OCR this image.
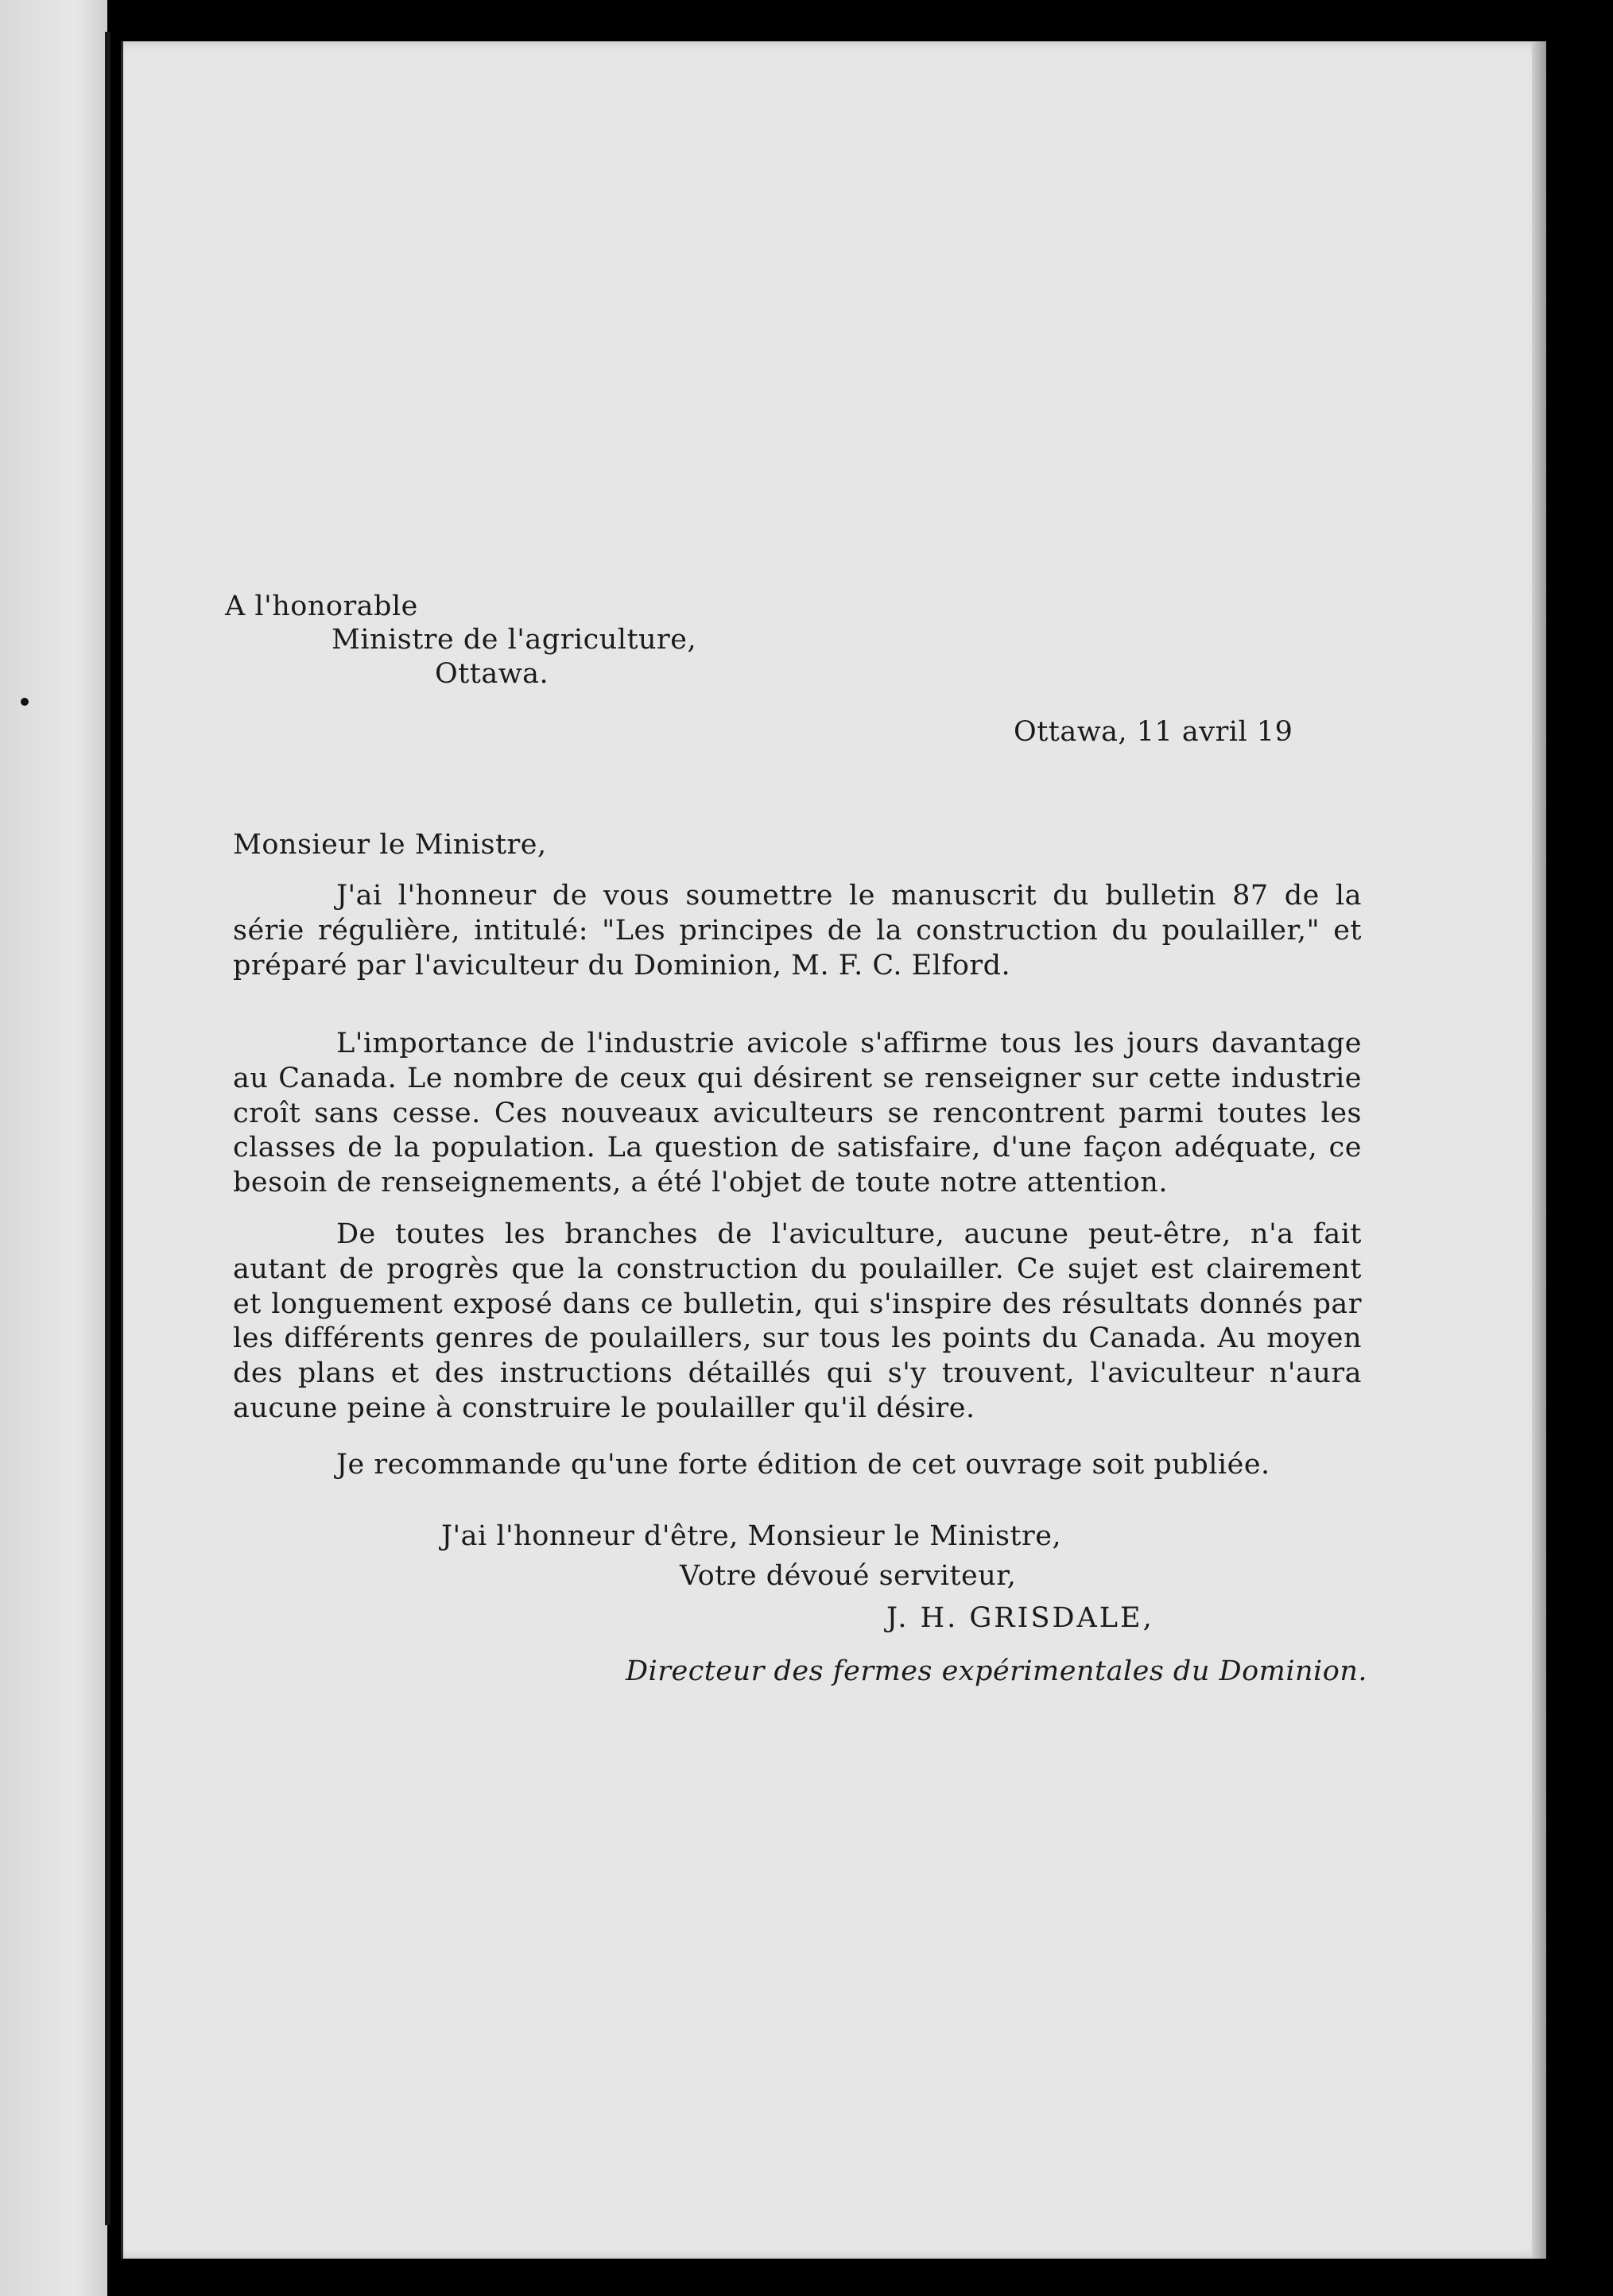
A l'honorable
Ministre de l'agriculture,
Ottawa.
Ottawa, 11 avril 19
Monsieur le Ministre,
J'ai l'honneur de vous soumettre le manuscrit du bulletin 87 de la série régulière, intitulé: "Les principes de la construction du poulailler," et préparé par l'aviculteur du Dominion, M. F. C. Elford.
L'importance de l'industrie avicole s'affirme tous les jours davantage au Canada. Le nombre de ceux qui désirent se renseigner sur cette industrie croît sans cesse. Ces nouveaux aviculteurs se rencontrent parmi toutes les classes de la population. La question de satisfaire, d'une façon adéquate, ce besoin de renseignements, a été l'objet de toute notre attention.
De toutes les branches de l'aviculture, aucune peut-être, n'a fait autant de progrès que la construction du poulailler. Ce sujet est clairement et longuement exposé dans ce bulletin, qui s'inspire des résultats donnés par les différents genres de poulaillers, sur tous les points du Canada. Au moyen des plans et des instructions détaillés qui s'y trouvent, l'aviculteur n'aura aucune peine à construire le poulailler qu'il désire.
Je recommande qu'une forte édition de cet ouvrage soit publiée.
J'ai l'honneur d'être, Monsieur le Ministre,
Votre dévoué serviteur,
J. H. GRISDALE,
Directeur des fermes expérimentales du Dominion.
